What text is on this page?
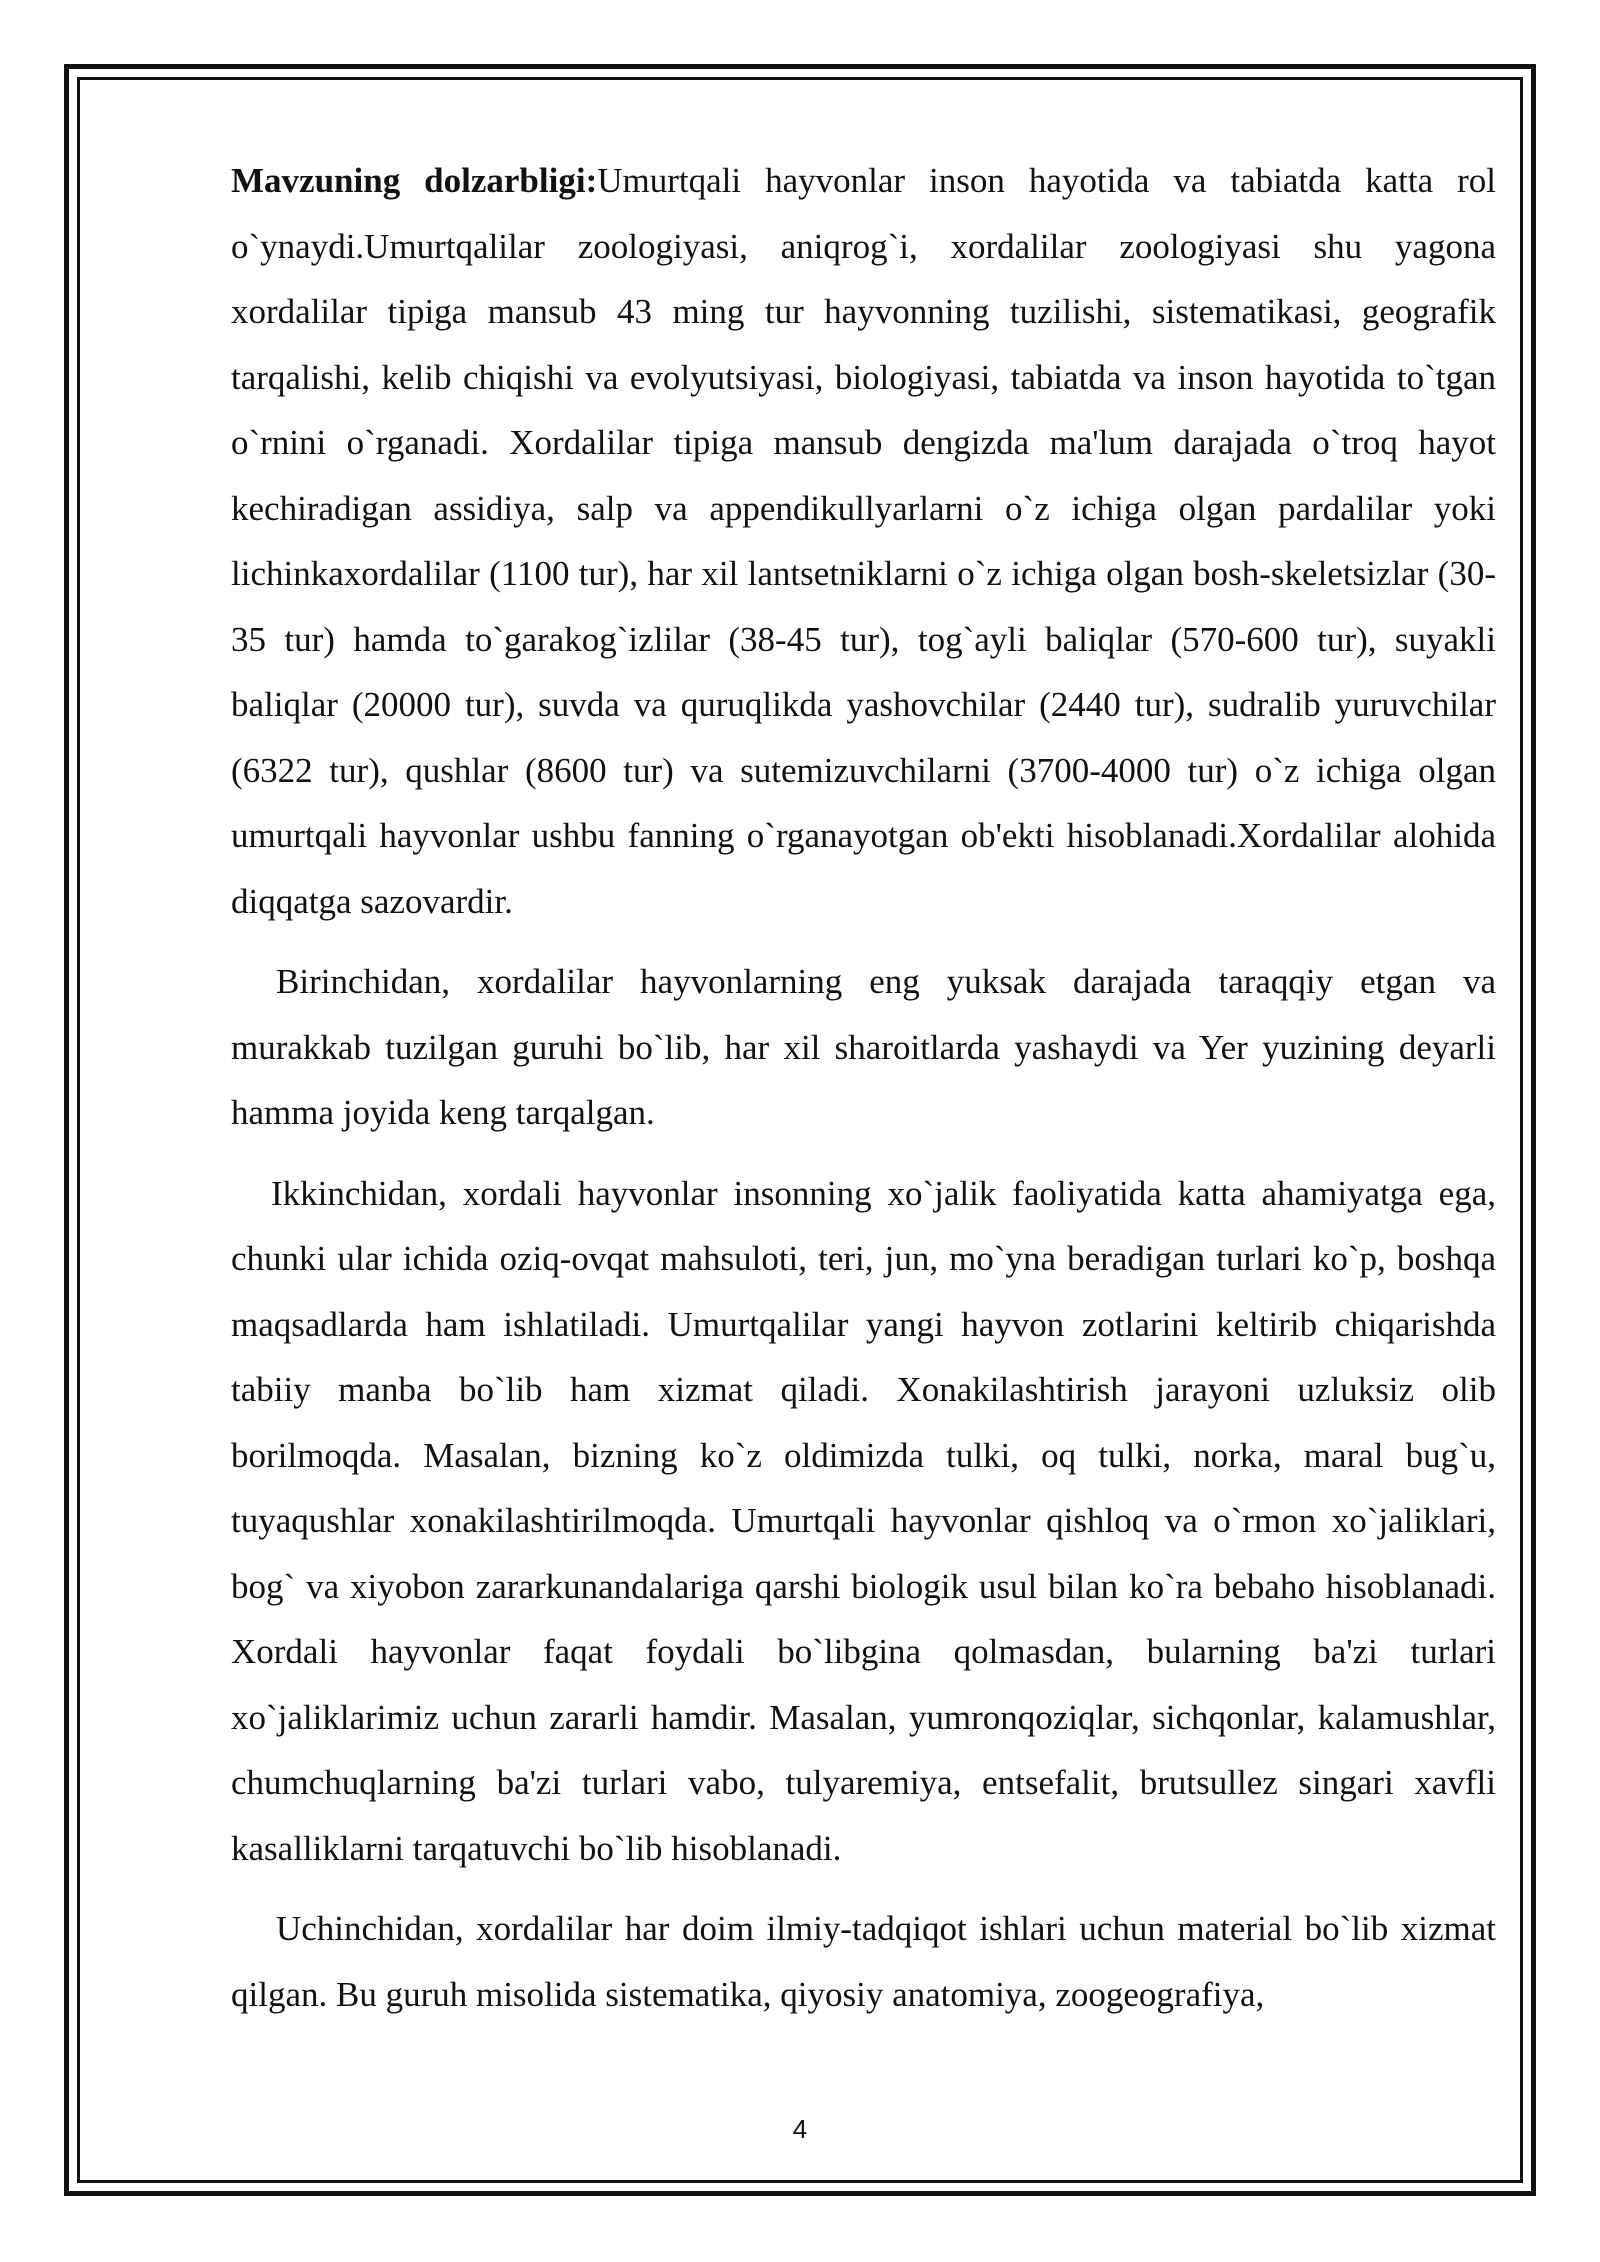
Mavzuning dolzarbligi:Umurtqali hayvonlar inson hayotida va tabiatda katta rol o`ynaydi.Umurtqalilar zoologiyasi, aniqrog`i, xordalilar zoologiyasi shu yagona xordalilar tipiga mansub 43 ming tur hayvonning tuzilishi, sistematikasi, geografik tarqalishi, kelib chiqishi va evolyutsiyasi, biologiyasi, tabiatda va inson hayotida to`tgan o`rnini o`rganadi. Xordalilar tipiga mansub dengizda ma'lum darajada o`troq hayot kechiradigan assidiya, salp va appendikullyarlarni o`z ichiga olgan pardalilar yoki lichinkaxordalilar (1100 tur), har xil lantsetniklarni o`z ichiga olgan bosh-skeletsizlar (30-35 tur) hamda to`garakog`izlilar (38-45 tur), tog`ayli baliqlar (570-600 tur), suyakli baliqlar (20000 tur), suvda va quruqlikda yashovchilar (2440 tur), sudralib yuruvchilar (6322 tur), qushlar (8600 tur) va sutemizuvchilarni (3700-4000 tur) o`z ichiga olgan umurtqali hayvonlar ushbu fanning o`rganayotgan ob'ekti hisoblanadi.Xordalilar alohida diqqatga sazovardir.

Birinchidan, xordalilar hayvonlarning eng yuksak darajada taraqqiy etgan va murakkab tuzilgan guruhi bo`lib, har xil sharoitlarda yashaydi va Yer yuzining deyarli hamma joyida keng tarqalgan.

Ikkinchidan, xordali hayvonlar insonning xo`jalik faoliyatida katta ahamiyatga ega, chunki ular ichida oziq-ovqat mahsuloti, teri, jun, mo`yna beradigan turlari ko`p, boshqa maqsadlarda ham ishlatiladi. Umurtqalilar yangi hayvon zotlarini keltirib chiqarishda tabiiy manba bo`lib ham xizmat qiladi. Xonakilashtirish jarayoni uzluksiz olib borilmoqda. Masalan, bizning ko`z oldimizda tulki, oq tulki, norka, maral bug`u, tuyaqushlar xonakilashtirilmoqda. Umurtqali hayvonlar qishloq va o`rmon xo`jaliklari, bog` va xiyobon zararkunandalariga qarshi biologik usul bilan ko`ra bebaho hisoblanadi. Xordali hayvonlar faqat foydali bo`libgina qolmasdan, bularning ba'zi turlari xo`jaliklarimiz uchun zararli hamdir. Masalan, yumronqoziqlar, sichqonlar, kalamushlar, chumchuqlarning ba'zi turlari vabo, tulyaremiya, entsefalit, brutsullez singari xavfli kasalliklarni tarqatuvchi bo`lib hisoblanadi.

Uchinchidan, xordalilar har doim ilmiy-tadqiqot ishlari uchun material bo`lib xizmat qilgan. Bu guruh misolida sistematika, qiyosiy anatomiya, zoogeografiya,

4
